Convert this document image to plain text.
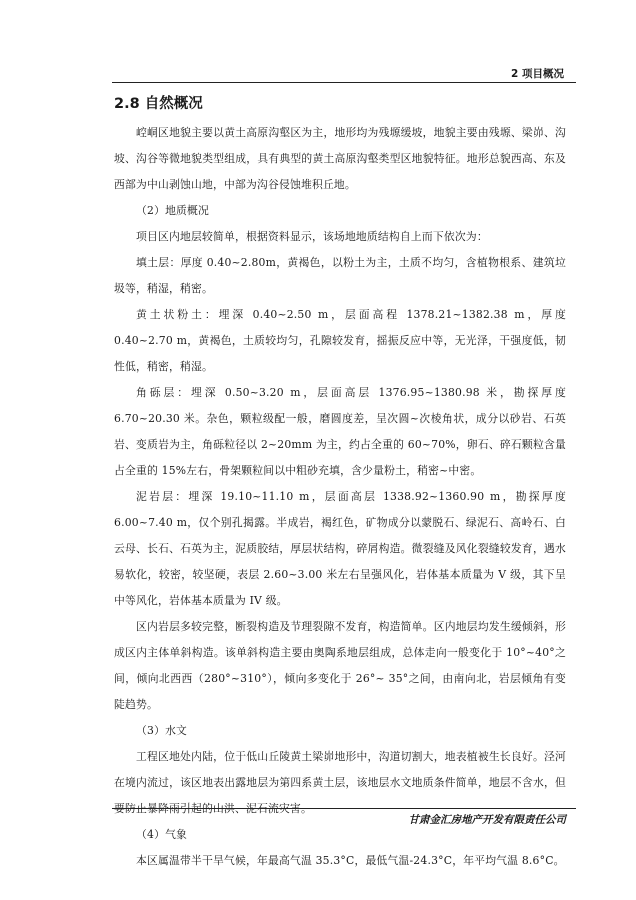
2 项目概况
2.8 自然概况

崆峒区地貌主要以黄土高原沟壑区为主，地形均为残塬缓坡，地貌主要由残塬、梁峁、沟坡、沟谷等微地貌类型组成，具有典型的黄土高原沟壑类型区地貌特征。地形总貌西高、东及西部为中山剥蚀山地，中部为沟谷侵蚀堆积丘地。

（2）地质概况

项目区内地层较简单，根据资料显示，该场地地质结构自上而下依次为：

填土层：厚度 0.40~2.80m，黄褐色，以粉土为主，土质不均匀，含植物根系、建筑垃圾等，稍湿，稍密。

黄土状粉土：埋深 0.40~2.50 m，层面高程 1378.21~1382.38 m，厚度 0.40~2.70 m，黄褐色，土质较均匀，孔隙较发育，摇振反应中等，无光泽，干强度低，韧性低，稍密，稍湿。

角砾层：埋深 0.50~3.20 m，层面高层 1376.95~1380.98 米，勘探厚度 6.70~20.30 米。杂色，颗粒级配一般，磨圆度差，呈次圆~次棱角状，成分以砂岩、石英岩、变质岩为主，角砾粒径以 2~20mm 为主，约占全重的 60~70%，卵石、碎石颗粒含量占全重的 15%左右，骨架颗粒间以中粗砂充填，含少量粉土，稍密~中密。

泥岩层：埋深 19.10~11.10 m，层面高层 1338.92~1360.90 m，勘探厚度 6.00~7.40 m，仅个别孔揭露。半成岩，褐红色，矿物成分以蒙脱石、绿泥石、高岭石、白云母、长石、石英为主，泥质胶结，厚层状结构，碎屑构造。微裂缝及风化裂缝较发育，遇水易软化，较密，较坚硬，表层 2.60~3.00 米左右呈强风化，岩体基本质量为 V 级，其下呈中等风化，岩体基本质量为 IV 级。

区内岩层多较完整，断裂构造及节理裂隙不发育，构造简单。区内地层均发生缓倾斜，形成区内主体单斜构造。该单斜构造主要由奥陶系地层组成，总体走向一般变化于 10°~40°之间，倾向北西西（280°~310°），倾向多变化于 26°~ 35°之间，由南向北，岩层倾角有变陡趋势。

（3）水文

工程区地处内陆，位于低山丘陵黄土梁峁地形中，沟道切割大，地表植被生长良好。泾河在境内流过，该区地表出露地层为第四系黄土层，该地层水文地质条件简单，地层不含水，但要防止暴降雨引起的山洪、泥石流灾害。

（4）气象

本区属温带半干旱气候，年最高气温 35.3°C，最低气温-24.3°C，年平均气温 8.6°C。

甘肃金汇房地产开发有限责任公司
